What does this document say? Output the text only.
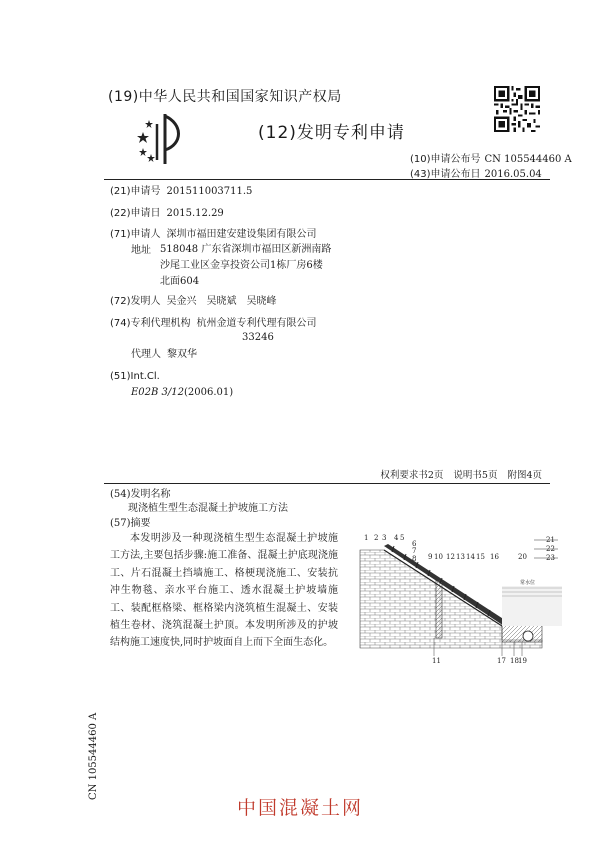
(19)中华人民共和国国家知识产权局
(12)发明专利申请
(10)申请公布号 CN 105544460 A
(43)申请公布日 2016.05.04
(21)申请号 201511003711.5
(22)申请日 2015.12.29
(71)申请人 深圳市福田建安建设集团有限公司
地址 518048 广东省深圳市福田区新洲南路
沙尾工业区金享投资公司1栋厂房6楼
北面604
(72)发明人 吴金兴　吴晓斌　吴晓峰
(74)专利代理机构 杭州金道专利代理有限公司
33246
代理人 黎双华
(51)Int.Cl.
E02B 3/12(2006.01)
权利要求书2页 说明书5页 附图4页
(54)发明名称
现浇植生型生态混凝土护坡施工方法
(57)摘要
本发明涉及一种现浇植生型生态混凝土护坡施工方法,主要包括步骤:施工准备、混凝土护底现浇施工、片石混凝土挡墙施工、格梗现浇施工、安装抗冲生物毯、亲水平台施工、透水混凝土护坡墙施工、装配框格梁、框格梁内浇筑植生混凝土、安装植生卷材、浇筑混凝土护顶。本发明所涉及的护坡结构施工速度快,同时护坡面自上而下全面生态化。
常水位
1 2 3 4 5
6
7
8 9 10 12 13 14 15 16	20
21
22
23
11	17 18 19
CN 105544460 A
中国混凝土网
